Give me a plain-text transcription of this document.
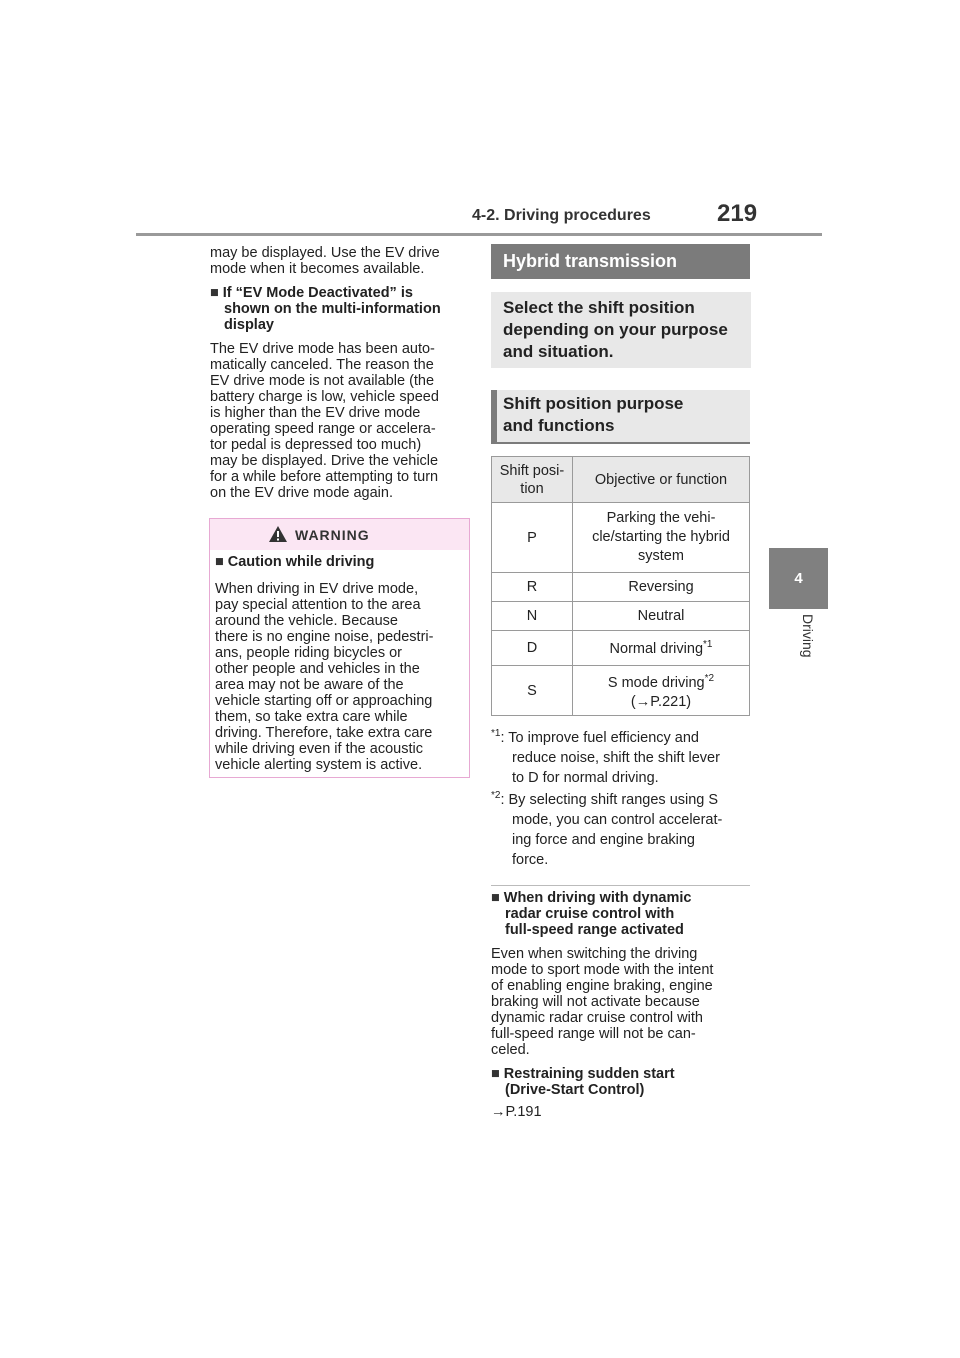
4-2. Driving procedures	219
4
Driving
may be displayed. Use the EV drive
mode when it becomes available.
■ If “EV Mode Deactivated” is
shown on the multi-information
display
The EV drive mode has been auto-
matically canceled. The reason the
EV drive mode is not available (the
battery charge is low, vehicle speed
is higher than the EV drive mode
operating speed range or accelera-
tor pedal is depressed too much)
may be displayed. Drive the vehicle
for a while before attempting to turn
on the EV drive mode again.
WARNING
■ Caution while driving
When driving in EV drive mode,
pay special attention to the area
around the vehicle. Because
there is no engine noise, pedestri-
ans, people riding bicycles or
other people and vehicles in the
area may not be aware of the
vehicle starting off or approaching
them, so take extra care while
driving. Therefore, take extra care
while driving even if the acoustic
vehicle alerting system is active.
Hybrid transmission
Select the shift position
depending on your purpose
and situation.
Shift position purpose
and functions
Shift posi-
tion	Objective or function
P	Parking the vehi-
cle/starting the hybrid
system

R	Reversing
N	Neutral
D	Normal driving$^{*1}$
S	S mode driving$^{*2}$
(→P.221)
$^{*1}$: To improve fuel efficiency and
reduce noise, shift the shift lever
to D for normal driving.
$^{*2}$: By selecting shift ranges using S
mode, you can control accelerat-
ing force and engine braking
force.
■ When driving with dynamic
radar cruise control with
full-speed range activated
Even when switching the driving
mode to sport mode with the intent
of enabling engine braking, engine
braking will not activate because
dynamic radar cruise control with
full-speed range will not be can-
celed.
■ Restraining sudden start
(Drive-Start Control)
→P.191
